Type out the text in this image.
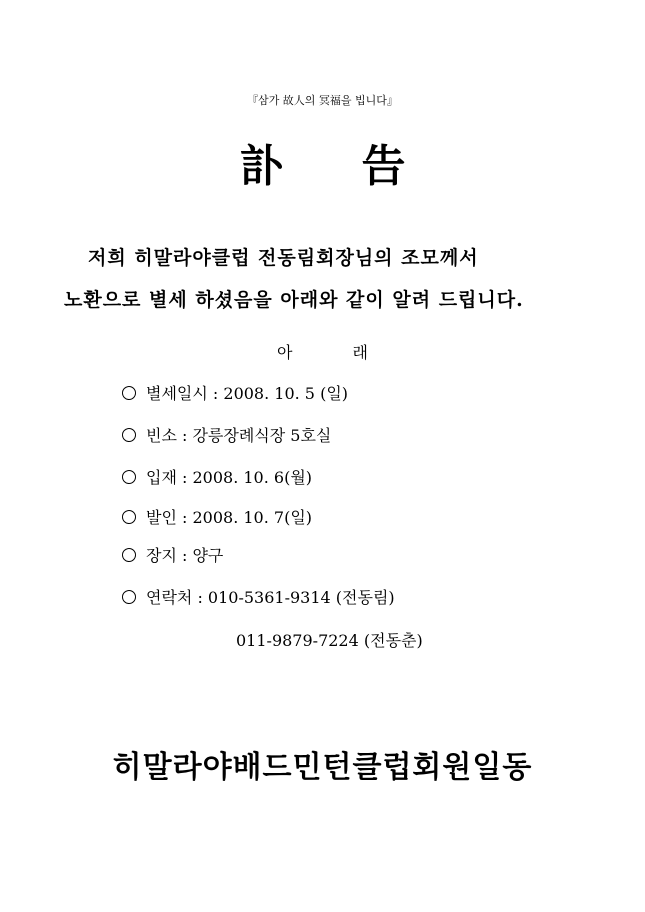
『삼가 故人의 冥福을 빕니다』
訃 告
저희 히말라야클럽 전동림회장님의 조모께서
노환으로 별세 하셨음을 아래와 같이 알려 드립니다.
아	래
별세일시 : 2008. 10. 5 (일)
빈소 : 강릉장례식장 5호실
입재 : 2008. 10. 6(월)
발인 : 2008. 10. 7(일)
장지 : 양구
연락처 : 010-5361-9314 (전동림)
011-9879-7224 (전동춘)
히말라야배드민턴클럽회원일동
